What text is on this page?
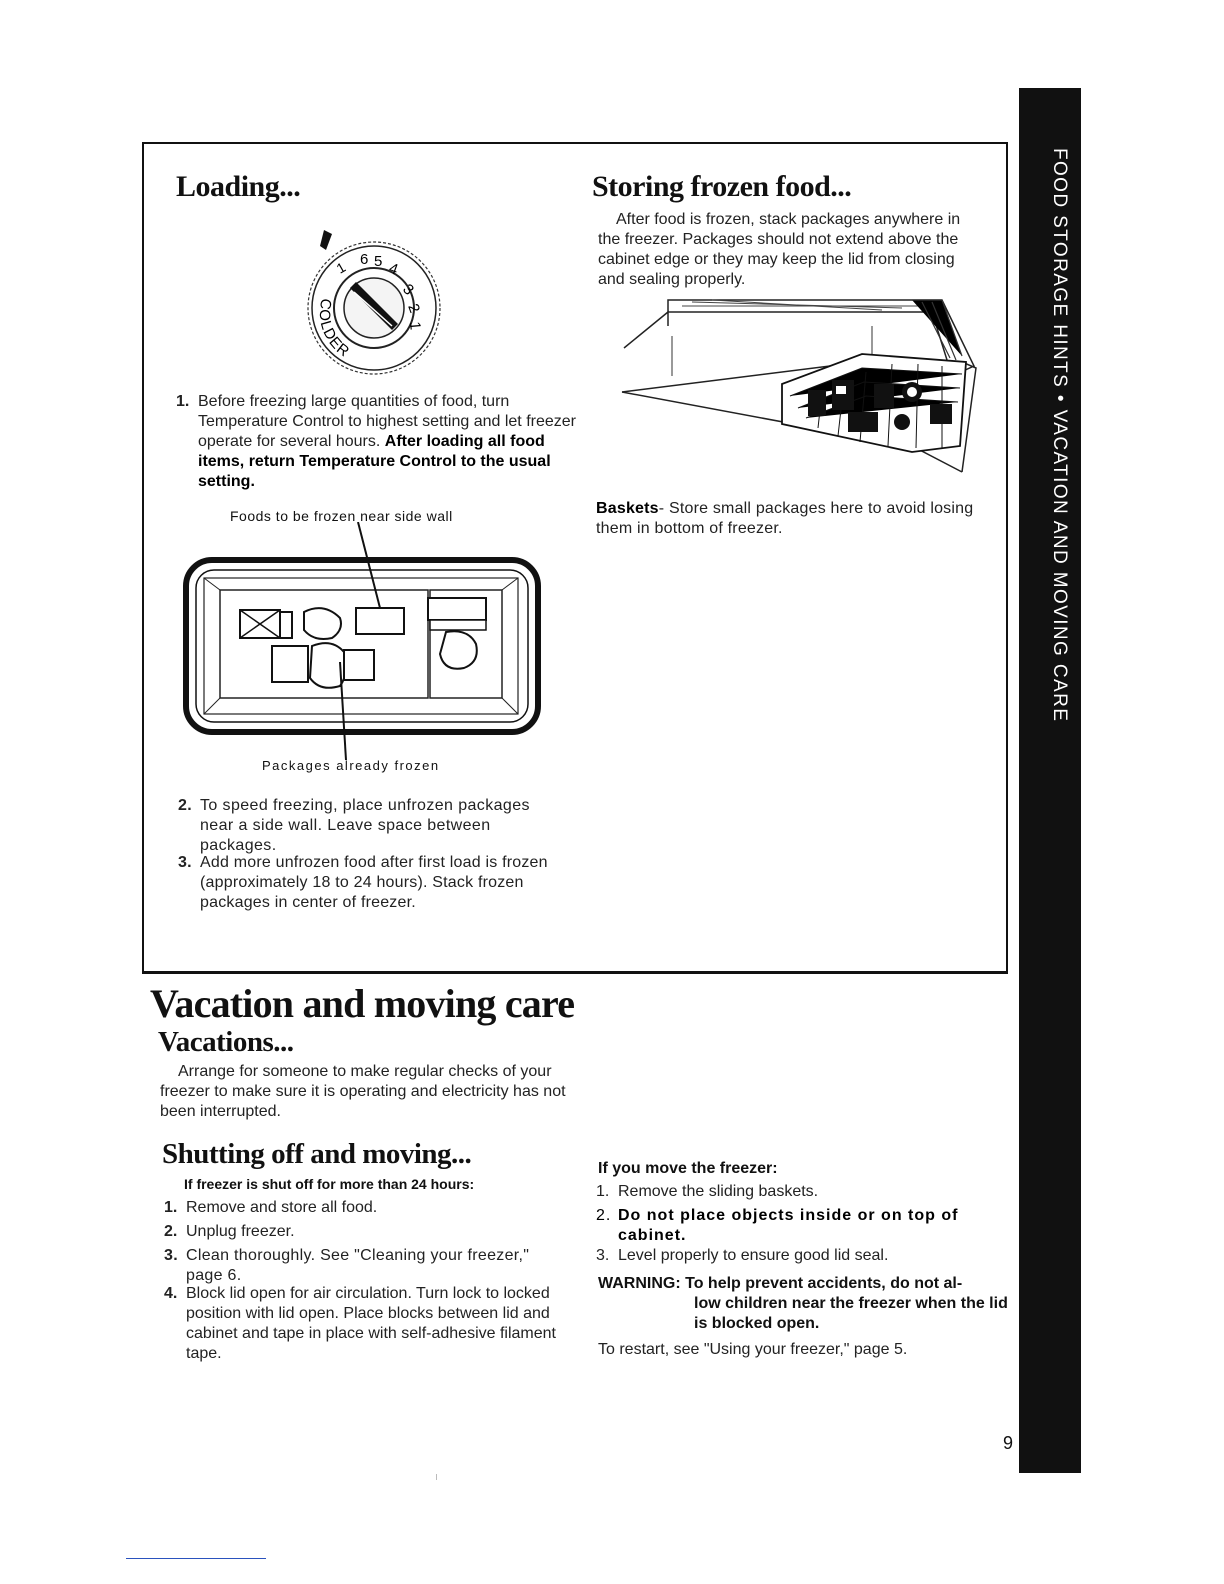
FOOD STORAGE HINTS • VACATION AND MOVING CARE
Loading...
1 6 5 4
3
2
1
COLDER
1. Before freezing large quantities of food, turn Temperature Control to highest setting and let freezer operate for several hours. After loading all food items, return Temperature Control to the usual setting.
Foods to be frozen near side wall
Packages already frozen
2. To speed freezing, place unfrozen packages near a side wall. Leave space between packages.
3. Add more unfrozen food after first load is frozen (approximately 18 to 24 hours). Stack frozen packages in center of freezer.
Storing frozen food...
After food is frozen, stack packages anywhere in the freezer. Packages should not extend above the cabinet edge or they may keep the lid from closing and sealing properly.
Baskets- Store small packages here to avoid losing them in bottom of freezer.
Vacation and moving care
Vacations...
Arrange for someone to make regular checks of your freezer to make sure it is operating and electricity has not been interrupted.
Shutting off and moving...
If freezer is shut off for more than 24 hours:
1. Remove and store all food.
2. Unplug freezer.
3. Clean thoroughly. See "Cleaning your freezer," page 6.
4. Block lid open for air circulation. Turn lock to locked position with lid open. Place blocks between lid and cabinet and tape in place with self-adhesive filament tape.
If you move the freezer:
1. Remove the sliding baskets.
2. Do not place objects inside or on top of cabinet.
3. Level properly to ensure good lid seal.
WARNING: To help prevent accidents, do not al-
low children near the freezer when the lid is blocked open.
To restart, see "Using your freezer," page 5.
9
